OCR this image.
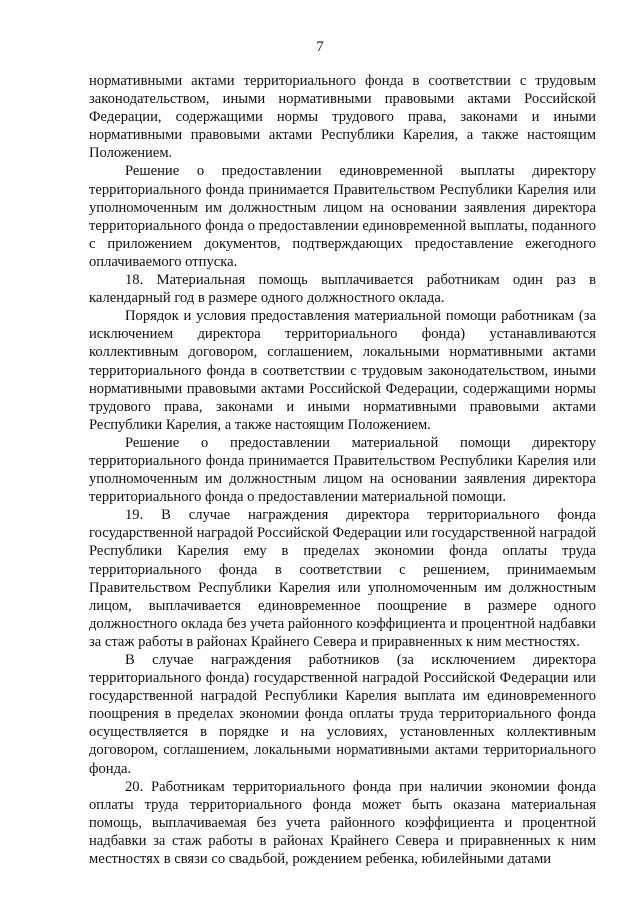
7

нормативными актами территориального фонда в соответствии с трудовым законодательством, иными нормативными правовыми актами Российской Федерации, содержащими нормы трудового права, законами и иными нормативными правовыми актами Республики Карелия, а также настоящим Положением.

Решение о предоставлении единовременной выплаты директору территориального фонда принимается Правительством Республики Карелия или уполномоченным им должностным лицом на основании заявления директора территориального фонда о предоставлении единовременной выплаты, поданного с приложением документов, подтверждающих предоставление ежегодного оплачиваемого отпуска.

18. Материальная помощь выплачивается работникам один раз в календарный год в размере одного должностного оклада.

Порядок и условия предоставления материальной помощи работникам (за исключением директора территориального фонда) устанавливаются коллективным договором, соглашением, локальными нормативными актами территориального фонда в соответствии с трудовым законодательством, иными нормативными правовыми актами Российской Федерации, содержащими нормы трудового права, законами и иными нормативными правовыми актами Республики Карелия, а также настоящим Положением.

Решение о предоставлении материальной помощи директору территориального фонда принимается Правительством Республики Карелия или уполномоченным им должностным лицом на основании заявления директора территориального фонда о предоставлении материальной помощи.

19. В случае награждения директора территориального фонда государственной наградой Российской Федерации или государственной наградой Республики Карелия ему в пределах экономии фонда оплаты труда территориального фонда в соответствии с решением, принимаемым Правительством Республики Карелия или уполномоченным им должностным лицом, выплачивается единовременное поощрение в размере одного должностного оклада без учета районного коэффициента и процентной надбавки за стаж работы в районах Крайнего Севера и приравненных к ним местностях.

В случае награждения работников (за исключением директора территориального фонда) государственной наградой Российской Федерации или государственной наградой Республики Карелия выплата им единовременного поощрения в пределах экономии фонда оплаты труда территориального фонда осуществляется в порядке и на условиях, установленных коллективным договором, соглашением, локальными нормативными актами территориального фонда.

20. Работникам территориального фонда при наличии экономии фонда оплаты труда территориального фонда может быть оказана материальная помощь, выплачиваемая без учета районного коэффициента и процентной надбавки за стаж работы в районах Крайнего Севера и приравненных к ним местностях в связи со свадьбой, рождением ребенка, юбилейными датами
